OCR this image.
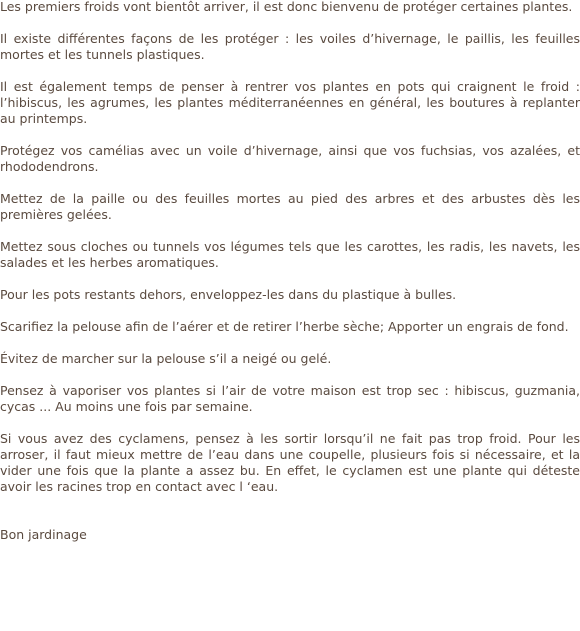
Les premiers froids vont bientôt arriver, il est donc bienvenu de protéger certaines plantes.

Il existe différentes façons de les protéger : les voiles d’hivernage, le paillis, les feuilles mortes et les tunnels plastiques.

Il est également temps de penser à rentrer vos plantes en pots qui craignent le froid : l’hibiscus, les agrumes, les plantes méditerranéennes en général, les boutures à replanter au printemps.

Protégez vos camélias avec un voile d’hivernage, ainsi que vos fuchsias, vos azalées, et rhododendrons.

Mettez de la paille ou des feuilles mortes au pied des arbres et des arbustes dès les premières gelées.

Mettez sous cloches ou tunnels vos légumes tels que les carottes, les radis, les navets, les salades et les herbes aromatiques.

Pour les pots restants dehors, enveloppez-les dans du plastique à bulles.

Scarifiez la pelouse afin de l’aérer et de retirer l’herbe sèche; Apporter un engrais de fond.

Évitez de marcher sur la pelouse s’il a neigé ou gelé.

Pensez à vaporiser vos plantes si l’air de votre maison est trop sec : hibiscus, guzmania, cycas ... Au moins une fois par semaine.

Si vous avez des cyclamens, pensez à les sortir lorsqu’il ne fait pas trop froid. Pour les arroser, il faut mieux mettre de l’eau dans une coupelle, plusieurs fois si nécessaire, et la vider une fois que la plante a assez bu. En effet, le cyclamen est une plante qui déteste avoir les racines trop en contact avec l ‘eau.

Bon jardinage
